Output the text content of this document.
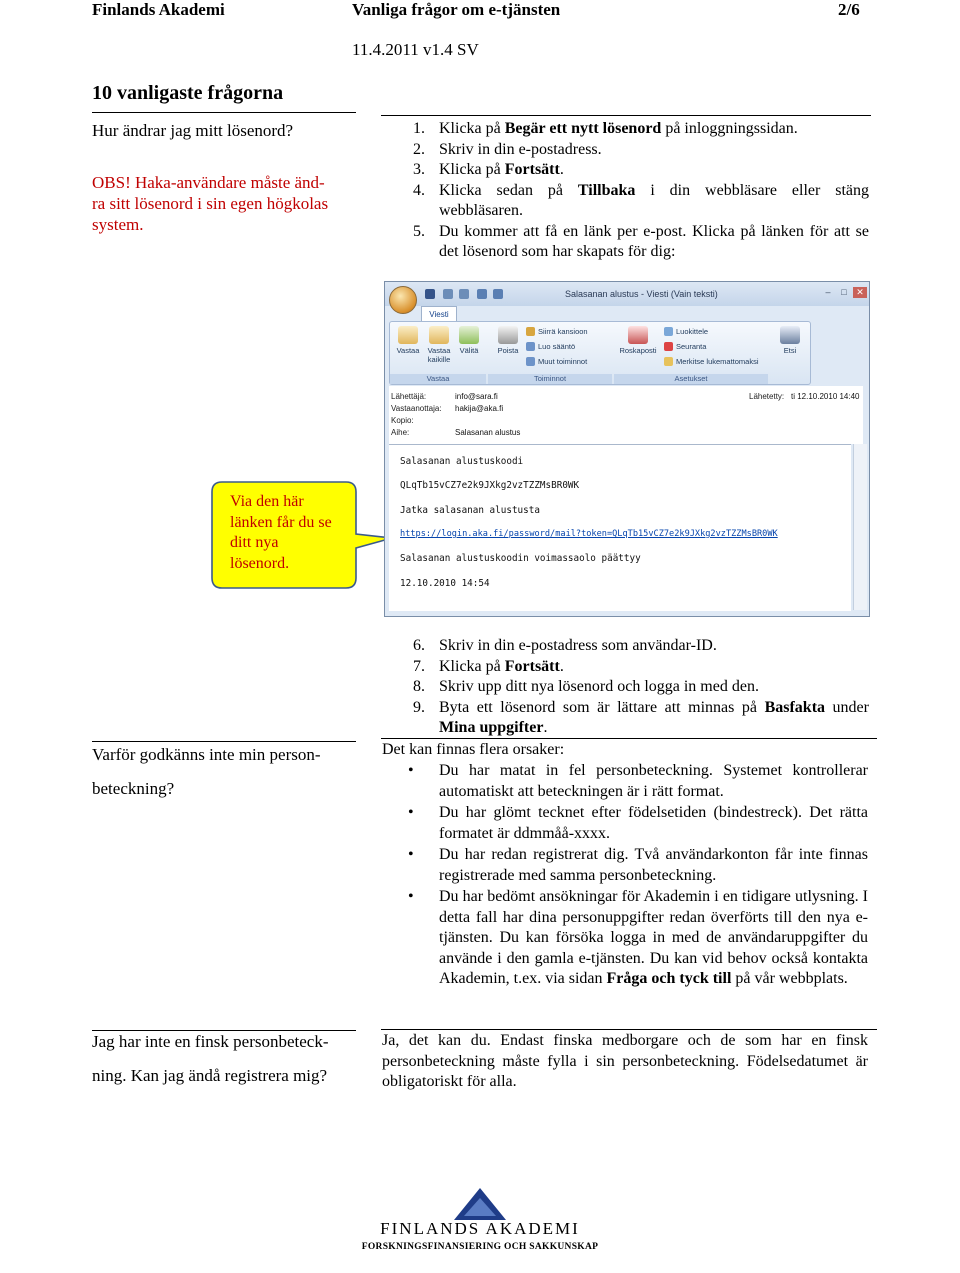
Finlands Akademi	Vanliga frågor om e-tjänsten	2/6
11.4.2011 v1.4 SV
10 vanligaste frågorna
Hur ändrar jag mitt lösenord?
OBS! Haka-användare måste änd-
ra sitt lösenord i sin egen högkolas
system.
1. Klicka på Begär ett nytt lösenord på inloggningssidan.
2. Skriv in din e-postadress.
3. Klicka på Fortsätt.
4. Klicka sedan på Tillbaka i din webbläsare eller stäng webbläsaren.
5. Du kommer att få en länk per e-post. Klicka på länken för att se det lösenord som har skapats för dig:
Via den här länken får du se ditt nya lösenord.
Salasanan alustus - Viesti (Vain teksti)	–	□	✕
Viesti
Vastaa	Vastaa kaikille
Välitä
Vastaa
Poista
Siirrä kansioon
Luo sääntö
Muut toiminnot
Toiminnot
Roskaposti
Luokittele
Seuranta
Merkitse lukemattomaksi
Asetukset
Etsi
Lähettäjä:	info@sara.fi
Vastaanottaja: hakija@aka.fi
Kopio:
Aihe:	Salasanan alustus
Lähetetty: ti 12.10.2010 14:40
Salasanan alustuskoodi
QLqTb15vCZ7e2k9JXkg2vzTZZMsBR0WK
Jatka salasanan alustusta
https://login.aka.fi/password/mail?token=QLqTb15vCZ7e2k9JXkg2vzTZZMsBR0WK
Salasanan alustuskoodin voimassaolo päättyy
12.10.2010 14:54
6. Skriv in din e-postadress som användar-ID.
7. Klicka på Fortsätt.
8. Skriv upp ditt nya lösenord och logga in med den.
9. Byta ett lösenord som är lättare att minnas på Basfakta under Mina uppgifter.
Varför godkänns inte min person-
beteckning?
Det kan finnas flera orsaker:
•	Du har matat in fel personbeteckning. Systemet kontrollerar automatiskt att beteckningen är i rätt format.
•	Du har glömt tecknet efter födelsetiden (bindestreck). Det rätta formatet är ddmmåå-xxxx.
•	Du har redan registrerat dig. Två användarkonton får inte finnas registrerade med samma personbeteckning.
•	Du har bedömt ansökningar för Akademin i en tidigare utlysning. I detta fall har dina personuppgifter redan överförts till den nya e-tjänsten. Du kan försöka logga in med de användaruppgifter du använde i den gamla e-tjänsten. Du kan vid behov också kontakta Akademin, t.ex. via sidan Fråga och tyck till på vår webbplats.
Jag har inte en finsk personbeteck-
ning. Kan jag ändå registrera mig?
Ja, det kan du. Endast finska medborgare och de som har en finsk personbeteckning måste fylla i sin personbeteckning. Födelsedatumet är obligatoriskt för alla.
FINLANDS AKADEMI
FORSKNINGSFINANSIERING OCH SAKKUNSKAP
